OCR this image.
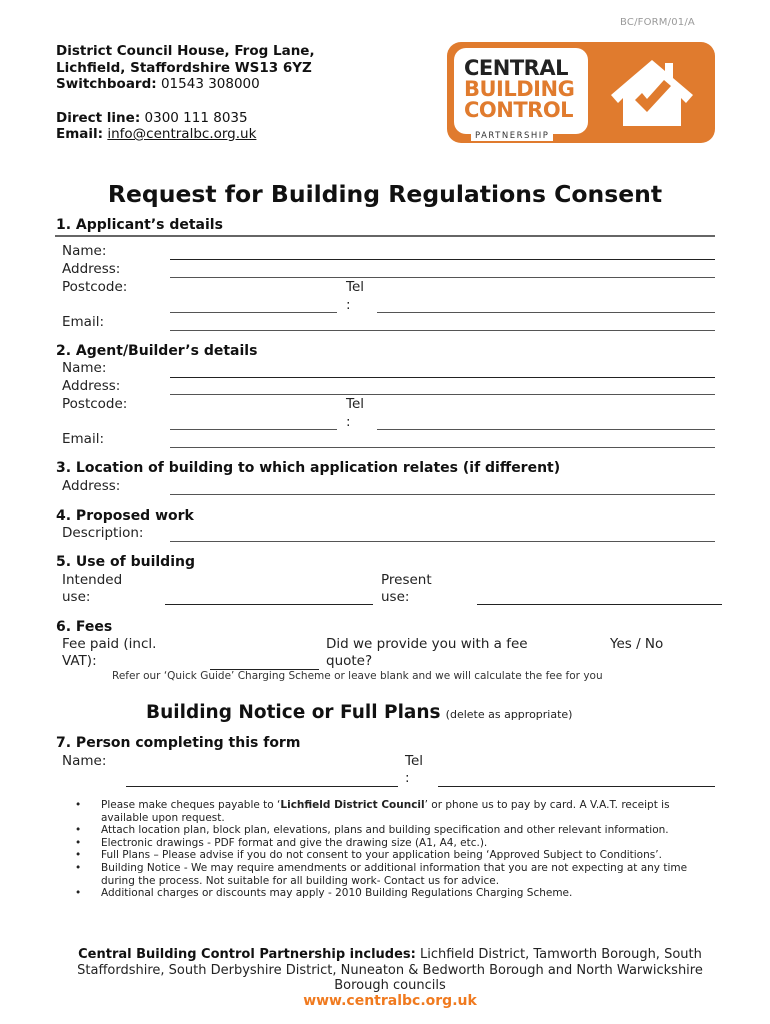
BC/FORM/01/A
District Council House, Frog Lane,
Lichfield, Staffordshire WS13 6YZ
Switchboard: 01543 308000
Direct line: 0300 111 8035
Email: info@centralbc.org.uk
CENTRAL
BUILDING
CONTROL
PARTNERSHIP
Request for Building Regulations Consent
1. Applicant’s details
Name:
Address:
Postcode:	Tel
:
Email:
2. Agent/Builder’s details
Name:
Address:
Postcode:	Tel
:
Email:
3. Location of building to which application relates (if different)
Address:
4. Proposed work
Description:
5. Use of building
Intended
use:
Present
use:
6. Fees
Fee paid (incl.
VAT):
Did we provide you with a fee
quote?
Yes / No
Refer our ‘Quick Guide’ Charging Scheme or leave blank and we will calculate the fee for you
Building Notice or Full Plans (delete as appropriate)
7. Person completing this form
Name:	Tel
:
• Please make cheques payable to ‘Lichfield District Council’ or phone us to pay by card. A V.A.T. receipt is available upon request.
• Attach location plan, block plan, elevations, plans and building specification and other relevant information.
• Electronic drawings - PDF format and give the drawing size (A1, A4, etc.).
• Full Plans – Please advise if you do not consent to your application being ‘Approved Subject to Conditions’.
• Building Notice - We may require amendments or additional information that you are not expecting at any time during the process. Not suitable for all building work- Contact us for advice.
• Additional charges or discounts may apply - 2010 Building Regulations Charging Scheme.
Central Building Control Partnership includes: Lichfield District, Tamworth Borough, South Staffordshire, South Derbyshire District, Nuneaton & Bedworth Borough and North Warwickshire Borough councils
www.centralbc.org.uk
